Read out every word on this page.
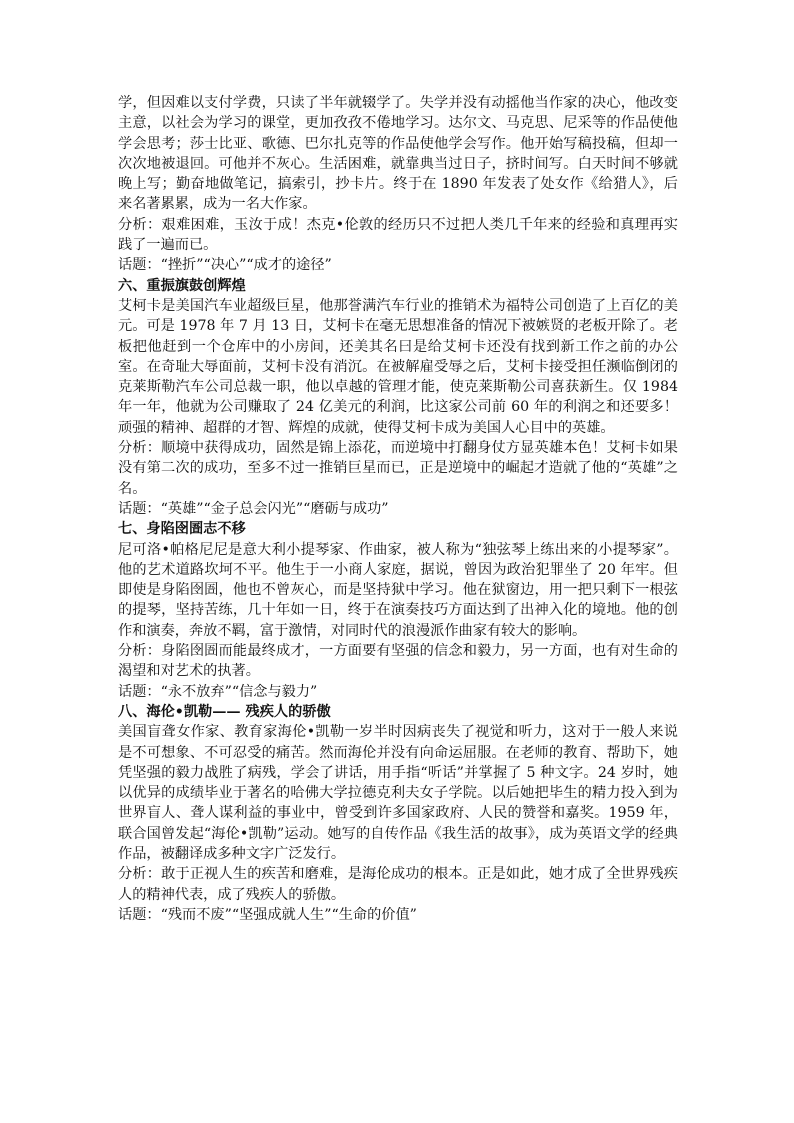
学，但因难以支付学费，只读了半年就辍学了。失学并没有动摇他当作家的决心，他改变主意，以社会为学习的课堂，更加孜孜不倦地学习。达尔文、马克思、尼采等的作品使他学会思考；莎士比亚、歌德、巴尔扎克等的作品使他学会写作。他开始写稿投稿，但却一次次地被退回。可他并不灰心。生活困难，就靠典当过日子，挤时间写。白天时间不够就晚上写；勤奋地做笔记，搞索引，抄卡片。终于在 1890 年发表了处女作《给猎人》，后来名著累累，成为一名大作家。

分析：艰难困难，玉汝于成！杰克•伦敦的经历只不过把人类几千年来的经验和真理再实践了一遍而已。

话题：“挫折”“决心”“成才的途径”

六、重振旗鼓创辉煌

艾柯卡是美国汽车业超级巨星，他那誉满汽车行业的推销术为福特公司创造了上百亿的美元。可是 1978 年 7 月 13 日，艾柯卡在毫无思想准备的情况下被嫉贤的老板开除了。老板把他赶到一个仓库中的小房间，还美其名曰是给艾柯卡还没有找到新工作之前的办公室。在奇耻大辱面前，艾柯卡没有消沉。在被解雇受辱之后，艾柯卡接受担任濒临倒闭的克莱斯勒汽车公司总裁一职，他以卓越的管理才能，使克莱斯勒公司喜获新生。仅 1984 年一年，他就为公司赚取了 24 亿美元的利润，比这家公司前 60 年的利润之和还要多！顽强的精神、超群的才智、辉煌的成就，使得艾柯卡成为美国人心目中的英雄。

分析：顺境中获得成功，固然是锦上添花，而逆境中打翻身仗方显英雄本色！艾柯卡如果没有第二次的成功，至多不过一推销巨星而已，正是逆境中的崛起才造就了他的“英雄”之名。

话题：“英雄”“金子总会闪光”“磨砺与成功”

七、身陷囹圄志不移

尼可洛•帕格尼尼是意大利小提琴家、作曲家，被人称为“独弦琴上练出来的小提琴家”。他的艺术道路坎坷不平。他生于一小商人家庭，据说，曾因为政治犯罪坐了 20 年牢。但即使是身陷囹圄，他也不曾灰心，而是坚持狱中学习。他在狱窗边，用一把只剩下一根弦的提琴，坚持苦练，几十年如一日，终于在演奏技巧方面达到了出神入化的境地。他的创作和演奏，奔放不羁，富于激情，对同时代的浪漫派作曲家有较大的影响。

分析：身陷囹圄而能最终成才，一方面要有坚强的信念和毅力，另一方面，也有对生命的渴望和对艺术的执著。

话题：“永不放弃”“信念与毅力”

八、海伦•凯勒—— 残疾人的骄傲

美国盲聋女作家、教育家海伦•凯勒一岁半时因病丧失了视觉和听力，这对于一般人来说是不可想象、不可忍受的痛苦。然而海伦并没有向命运屈服。在老师的教育、帮助下，她凭坚强的毅力战胜了病残，学会了讲话，用手指“听话”并掌握了 5 种文字。24 岁时，她以优异的成绩毕业于著名的哈佛大学拉德克利夫女子学院。以后她把毕生的精力投入到为世界盲人、聋人谋利益的事业中，曾受到许多国家政府、人民的赞誉和嘉奖。1959 年，联合国曾发起“海伦•凯勒”运动。她写的自传作品《我生活的故事》，成为英语文学的经典作品，被翻译成多种文字广泛发行。

分析：敢于正视人生的疾苦和磨难，是海伦成功的根本。正是如此，她才成了全世界残疾人的精神代表，成了残疾人的骄傲。

话题：“残而不废”“坚强成就人生”“生命的价值”
